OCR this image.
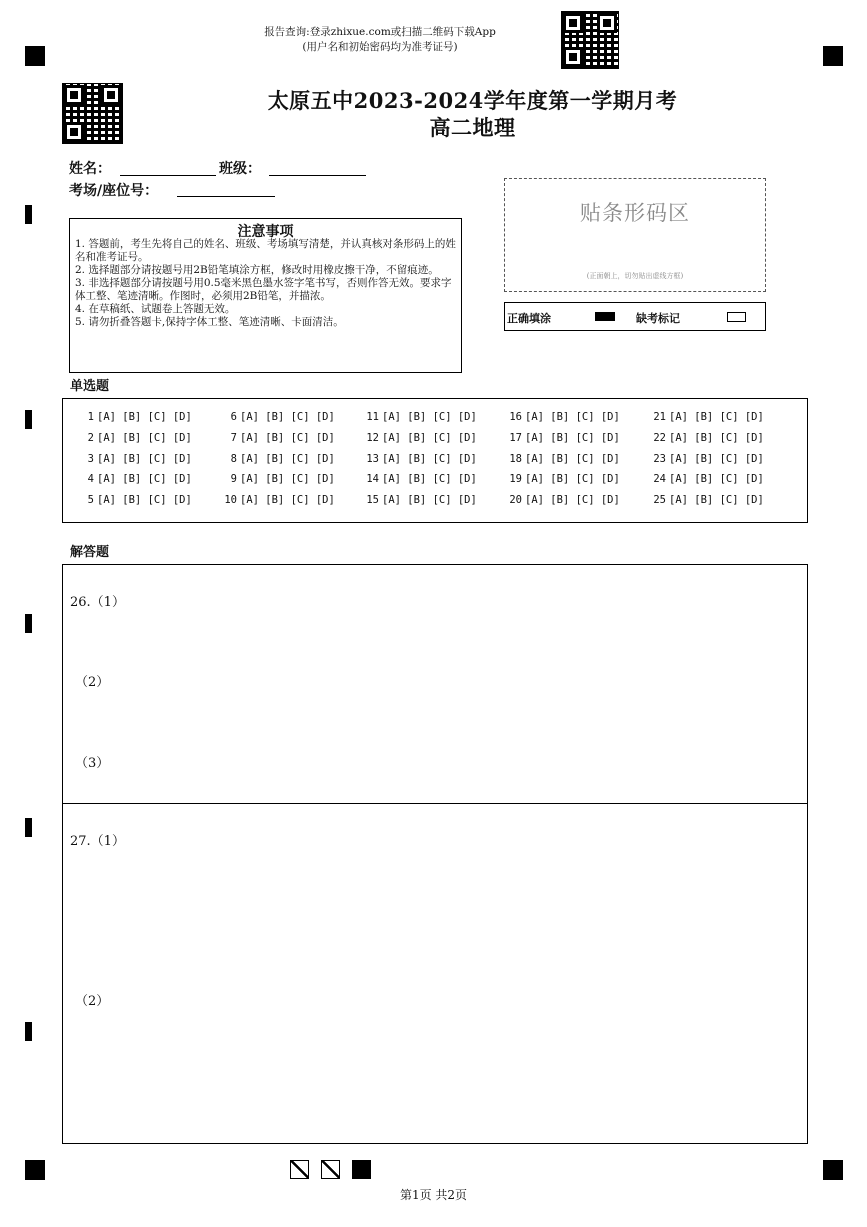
报告查询:登录zhixue.com或扫描二维码下载App
(用户名和初始密码均为准考证号)
太原五中2023-2024学年度第一学期月考
高二地理
姓名：	班级：
考场/座位号：
注意事项
1. 答题前，考生先将自己的姓名、班级、考场填写清楚，并认真核对条形码上的姓名和准考证号。
2. 选择题部分请按题号用2B铅笔填涂方框，修改时用橡皮擦干净，不留痕迹。
3. 非选择题部分请按题号用0.5毫米黑色墨水签字笔书写，否则作答无效。要求字体工整、笔迹清晰。作图时，必须用2B铅笔，并描浓。
4. 在草稿纸、试题卷上答题无效。
5. 请勿折叠答题卡,保持字体工整、笔迹清晰、卡面清洁。
贴条形码区
(正面朝上，切勿贴出虚线方框)
正确填涂	缺考标记
单选题
1 [A] [B] [C] [D]
2 [A] [B] [C] [D]
3 [A] [B] [C] [D]
4 [A] [B] [C] [D]
5 [A] [B] [C] [D]
6 [A] [B] [C] [D]
7 [A] [B] [C] [D]
8 [A] [B] [C] [D]
9 [A] [B] [C] [D]
10 [A] [B] [C] [D]
11 [A] [B] [C] [D]
12 [A] [B] [C] [D]
13 [A] [B] [C] [D]
14 [A] [B] [C] [D]
15 [A] [B] [C] [D]
16 [A] [B] [C] [D]
17 [A] [B] [C] [D]
18 [A] [B] [C] [D]
19 [A] [B] [C] [D]
20 [A] [B] [C] [D]
21 [A] [B] [C] [D]
22 [A] [B] [C] [D]
23 [A] [B] [C] [D]
24 [A] [B] [C] [D]
25 [A] [B] [C] [D]
解答题
26.（1）
（2）
（3）
27.（1）
（2）
第1页 共2页
